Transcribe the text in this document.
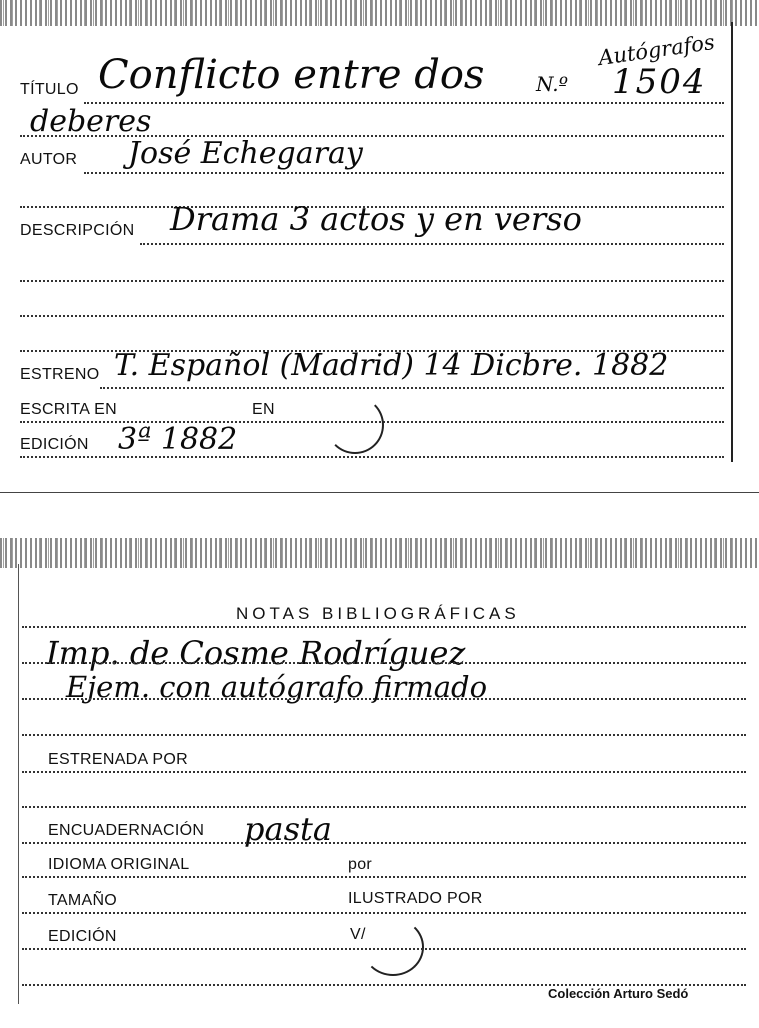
Autógrafos
N.º 1504
TÍTULO Conflicto entre dos
deberes
AUTOR José Echegaray
DESCRIPCIÓN Drama 3 actos y en verso
ESTRENO T. Español (Madrid) 14 Dicbre. 1882
ESCRITA EN	EN
EDICIÓN 3ª 1882
NOTAS BIBLIOGRÁFICAS
Imp. de Cosme Rodríguez
Ejem. con autógrafo firmado
ESTRENADA POR
ENCUADERNACIÓN pasta
IDIOMA ORIGINAL	por
TAMAÑO	ILUSTRADO POR
EDICIÓN	V/
Colección Arturo Sedó
